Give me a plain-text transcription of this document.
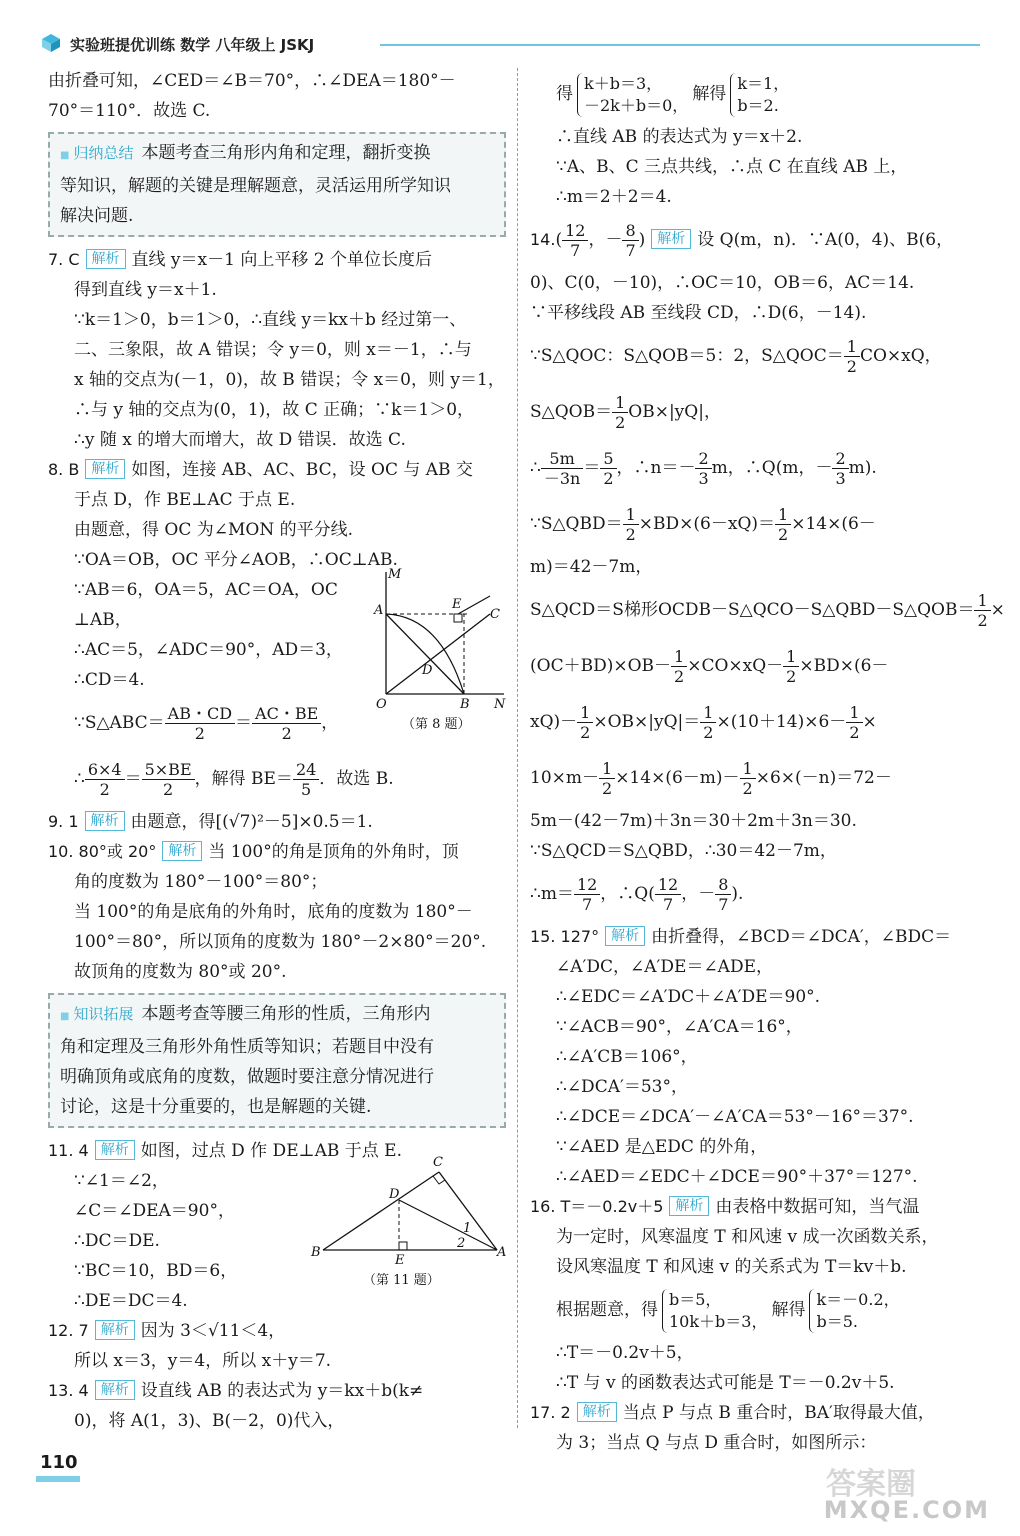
实验班提优训练 数学 八年级上 JSKJ

由折叠可知，∠CED＝∠B＝70°，∴∠DEA＝180°－

70°＝110°．故选 C.

■ 归纳总结 本题考查三角形内角和定理，翻折变换

等知识，解题的关键是理解题意，灵活运用所学知识

解决问题.

7. C 解析 直线 y＝x－1 向上平移 2 个单位长度后

得到直线 y＝x＋1.

∵k＝1＞0，b＝1＞0，∴直线 y＝kx＋b 经过第一、

二、三象限，故 A 错误；令 y＝0，则 x＝－1，∴与

x 轴的交点为(－1，0)，故 B 错误；令 x＝0，则 y＝1，

∴与 y 轴的交点为(0，1)，故 C 正确；∵k＝1＞0，

∴y 随 x 的增大而增大，故 D 错误．故选 C.

8. B 解析 如图，连接 AB、AC、BC，设 OC 与 AB 交

于点 D，作 BE⊥AC 于点 E.

由题意，得 OC 为∠MON 的平分线.

∵OA＝OB，OC 平分∠AOB，∴OC⊥AB.

∵AB＝6，OA＝5，AC＝OA，OC

⊥AB，

∴AC＝5，∠ADC＝90°，AD＝3，

∴CD＝4.

∵S△ABC＝ $\frac{AB・CD}{2} = \frac{AC・BE}{2}$ ，

∴ $\frac{6\times 4}{2} = \frac{5\times BE}{2}$ ，解得 $BE= \frac{24}{5}$ ．故选 B.

9. 1 解析 由题意，得[(√7)²－5]×0.5＝1.

10. 80°或 20° 解析 当 100°的角是顶角的外角时，顶

角的度数为 180°－100°＝80°；

当 100°的角是底角的外角时，底角的度数为 180°－

100°＝80°，所以顶角的度数为 180°－2×80°＝20°.

故顶角的度数为 80°或 20°.

■ 知识拓展 本题考查等腰三角形的性质，三角形内

角和定理及三角形外角性质等知识；若题目中没有

明确顶角或底角的度数，做题时要注意分情况进行

讨论，这是十分重要的，也是解题的关键.

11. 4 解析 如图，过点 D 作 DE⊥AB 于点 E.

∵∠1＝∠2，

∠C＝∠DEA＝90°，

∴DC＝DE.

∵BC＝10，BD＝6，

∴DE＝DC＝4.

12. 7 解析 因为 3＜√11＜4，

所以 x＝3，y＝4，所以 x＋y＝7.

13. 4 解析 设直线 AB 的表达式为 y＝kx＋b(k≠

0)，将 A(1，3)、B(－2，0)代入，

M
A	E
C
D
O	B N
（第 8 题）
C
D
B
E
A
1
2
（第 11 题）

得
k＋b＝3，
－2k＋b＝0，
解得
k＝1，
b＝2.

∴直线 AB 的表达式为 y＝x＋2.

∵A、B、C 三点共线，∴点 C 在直线 AB 上，

∴m＝2＋2＝4.

$14.( \frac{12}{7}$ ，－ $\frac{8}{7}$ ) 解析 设 Q(m，n)．∵A(0，4)、B(6，

0)、C(0，－10)，∴OC＝10，OB＝6，AC＝14.

∵平移线段 AB 至线段 CD，∴D(6，－14).

∵S△QOC：S△QOB＝5：2，S△QOC＝ $\frac{1}{2} CO\times xQ$，

S△QOB＝ $\frac{1}{2} OB\times|yQ|$，

∴ $\frac{5m}{-3n} = \frac{5}{2}$ ，∴n＝－ $\frac{2}{3}$ m，∴Q(m，－ $\frac{2}{3} m$).

∵S△QBD＝ $\frac{1}{2} \times BD\times(6-xQ)= \frac{1}{2} \times 14\times(6-$

m)＝42－7m，

S△QCD＝S梯形OCDB－S△QCO－S△QBD－S△QOB＝ $\frac{1}{2}$ ×

$(OC+BD)\times OB- \frac{1}{2} \times CO\times xQ- \frac{1}{2} \times BD\times(6-$

$xQ)- \frac{1}{2} \times OB\times|yQ|= \frac{1}{2} \times(10+14)\times 6- \frac{1}{2}$ ×

$10\times m- \frac{1}{2} \times 14\times(6-m)- \frac{1}{2} \times 6\times(-n)=72-$

5m－(42－7m)＋3n＝30＋2m＋3n＝30.

∵S△QCD＝S△QBD，∴30＝42－7m，

∴m＝ $\frac{12}{7}$ ，∴Q( $\frac{12}{7}$ ，－ $\frac{8}{7}$ ).

15. 127° 解析 由折叠得，∠BCD＝∠DCA′，∠BDC＝

∠A′DC，∠A′DE＝∠ADE，

∴∠EDC＝∠A′DC＋∠A′DE＝90°.

∵∠ACB＝90°，∠A′CA＝16°，

∴∠A′CB＝106°，

∴∠DCA′＝53°，

∴∠DCE＝∠DCA′－∠A′CA＝53°－16°＝37°.

∵∠AED 是△EDC 的外角，

∴∠AED＝∠EDC＋∠DCE＝90°＋37°＝127°.

16. T＝－0.2v＋5 解析 由表格中数据可知，当气温

为一定时，风寒温度 T 和风速 v 成一次函数关系，

设风寒温度 T 和风速 v 的关系式为 T＝kv＋b.

根据题意，得
b＝5，
10k＋b＝3，
解得
k＝－0.2，
b＝5.

∴T＝－0.2v＋5，

∴T 与 v 的函数表达式可能是 T＝－0.2v＋5.

17. 2 解析 当点 P 与点 B 重合时，BA′取得最大值，

为 3；当点 Q 与点 D 重合时，如图所示：

110
答案圈
MXQE.COM
